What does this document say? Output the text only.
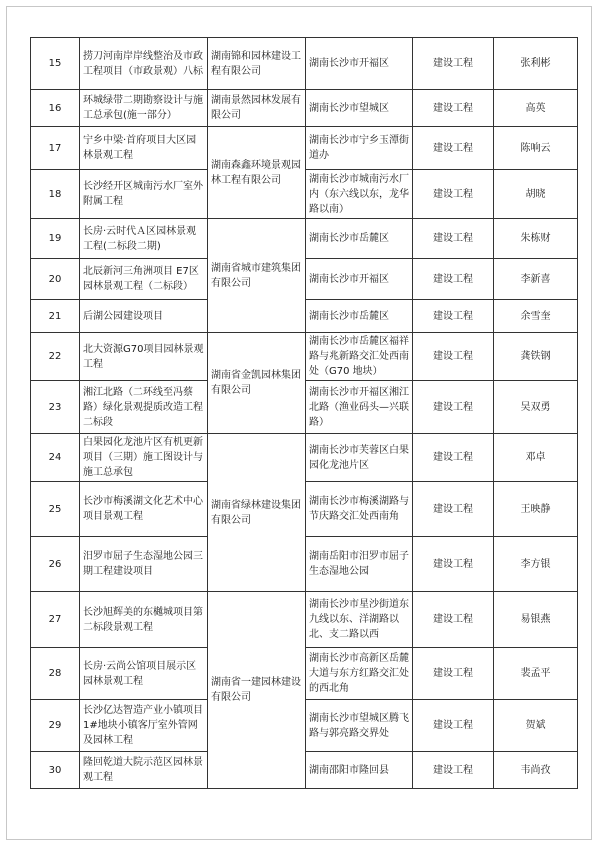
15	捞刀河南岸岸线整治及市政工程项目（市政景观）八标	湖南锦和园林建设工程有限公司	湖南长沙市开福区	建设工程	张利彬
16	环城绿带二期勘察设计与施工总承包(施一部分）	湖南景然园林发展有限公司	湖南长沙市望城区	建设工程	高英
17	宁乡中梁·首府项目大区园林景观工程	湖南森鑫环境景观园林工程有限公司	湖南长沙市宁乡玉潭街道办	建设工程	陈响云
18	长沙经开区城南污水厂室外附属工程		湖南长沙市城南污水厂内（东六线以东，龙华路以南）	建设工程	胡晓
19	长房·云时代Ａ区园林景观工程(二标段二期)	湖南省城市建筑集团有限公司	湖南长沙市岳麓区	建设工程	朱栋财
20	北辰新河三角洲项目 E7区园林景观工程（二标段）		湖南长沙市开福区	建设工程	李新喜
21	后湖公园建设项目		湖南长沙市岳麓区	建设工程	余雪奎
22	北大资源G70项目园林景观工程	湖南省金凯园林集团有限公司	湖南长沙市岳麓区福祥路与兆新路交汇处西南处（G70 地块）	建设工程	龚铁钢
23	湘江北路（二环线至冯蔡路）绿化景观提质改造工程二标段		湖南长沙市开福区湘江北路（渔业码头—兴联路）	建设工程	吴双勇
24	白果园化龙池片区有机更新项目（三期）施工图设计与施工总承包	湖南省绿林建设集团有限公司	湖南长沙市芙蓉区白果园化龙池片区	建设工程	邓卓
25	长沙市梅溪湖文化艺术中心项目景观工程		湖南长沙市梅溪湖路与节庆路交汇处西南角	建设工程	王映静
26	汨罗市屈子生态湿地公园三期工程建设项目		湖南岳阳市汨罗市屈子生态湿地公园	建设工程	李方银
27	长沙旭辉美的东樾城项目第二标段景观工程	湖南省一建园林建设有限公司	湖南长沙市星沙街道东九线以东、洋湖路以北、支二路以西	建设工程	易银燕
28	长房·云尚公馆项目展示区园林景观工程		湖南长沙市高新区岳麓大道与东方红路交汇处的西北角	建设工程	裴孟平
29	长沙亿达智造产业小镇项目 1#地块小镇客厅室外管网及园林工程		湖南长沙市望城区腾飞路与郭亮路交界处	建设工程	贺斌
30	隆回乾道大院示范区园林景观工程		湖南邵阳市隆回县	建设工程	韦尚孜
